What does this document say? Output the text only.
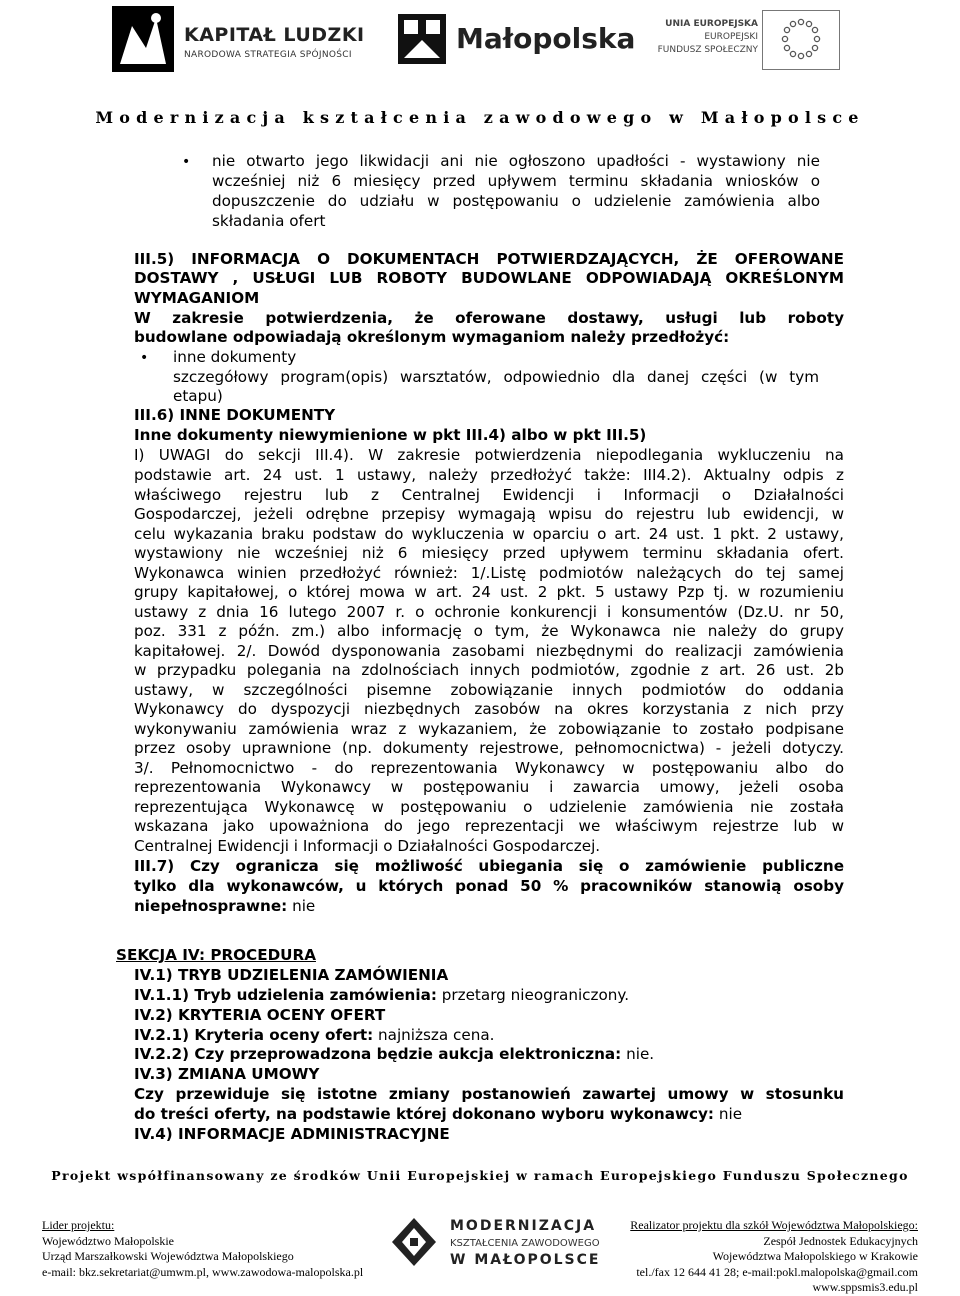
KAPITAŁ LUDZKI
NARODOWA STRATEGIA SPÓJNOŚCI	Małopolska	UNIA EUROPEJSKA
EUROPEJSKI
FUNDUSZ SPOŁECZNY
Modernizacja kształcenia zawodowego w Małopolsce
• nie otwarto jego likwidacji ani nie ogłoszono upadłości - wystawiony nie
wcześniej niż 6 miesięcy przed upływem terminu składania wniosków o
dopuszczenie do udziału w postępowaniu o udzielenie zamówienia albo
składania ofert
III.5) INFORMACJA O DOKUMENTACH POTWIERDZAJĄCYCH, ŻE OFEROWANE
DOSTAWY , USŁUGI LUB ROBOTY BUDOWLANE ODPOWIADAJĄ OKREŚLONYM
WYMAGANIOM
W zakresie potwierdzenia, że oferowane dostawy, usługi lub roboty
budowlane odpowiadają określonym wymaganiom należy przedłożyć:
• inne dokumenty
szczegółowy program(opis) warsztatów, odpowiednio dla danej części (w tym
etapu)
III.6) INNE DOKUMENTY
Inne dokumenty niewymienione w pkt III.4) albo w pkt III.5)
I) UWAGI do sekcji III.4). W zakresie potwierdzenia niepodlegania wykluczeniu na
podstawie art. 24 ust. 1 ustawy, należy przedłożyć także: III4.2). Aktualny odpis z
właściwego rejestru lub z Centralnej Ewidencji i Informacji o Działalności
Gospodarczej, jeżeli odrębne przepisy wymagają wpisu do rejestru lub ewidencji, w
celu wykazania braku podstaw do wykluczenia w oparciu o art. 24 ust. 1 pkt. 2 ustawy,
wystawiony nie wcześniej niż 6 miesięcy przed upływem terminu składania ofert.
Wykonawca winien przedłożyć również: 1/.Listę podmiotów należących do tej samej
grupy kapitałowej, o której mowa w art. 24 ust. 2 pkt. 5 ustawy Pzp tj. w rozumieniu
ustawy z dnia 16 lutego 2007 r. o ochronie konkurencji i konsumentów (Dz.U. nr 50,
poz. 331 z późn. zm.) albo informację o tym, że Wykonawca nie należy do grupy
kapitałowej. 2/. Dowód dysponowania zasobami niezbędnymi do realizacji zamówienia
w przypadku polegania na zdolnościach innych podmiotów, zgodnie z art. 26 ust. 2b
ustawy, w szczególności pisemne zobowiązanie innych podmiotów do oddania
Wykonawcy do dyspozycji niezbędnych zasobów na okres korzystania z nich przy
wykonywaniu zamówienia wraz z wykazaniem, że zobowiązanie to zostało podpisane
przez osoby uprawnione (np. dokumenty rejestrowe, pełnomocnictwa) - jeżeli dotyczy.
3/. Pełnomocnictwo - do reprezentowania Wykonawcy w postępowaniu albo do
reprezentowania Wykonawcy w postępowaniu i zawarcia umowy, jeżeli osoba
reprezentująca Wykonawcę w postępowaniu o udzielenie zamówienia nie została
wskazana jako upoważniona do jego reprezentacji we właściwym rejestrze lub w
Centralnej Ewidencji i Informacji o Działalności Gospodarczej.
III.7) Czy ogranicza się możliwość ubiegania się o zamówienie publiczne
tylko dla wykonawców, u których ponad 50 % pracowników stanowią osoby
niepełnosprawne: nie
SEKCJA IV: PROCEDURA
IV.1) TRYB UDZIELENIA ZAMÓWIENIA
IV.1.1) Tryb udzielenia zamówienia: przetarg nieograniczony.
IV.2) KRYTERIA OCENY OFERT
IV.2.1) Kryteria oceny ofert: najniższa cena.
IV.2.2) Czy przeprowadzona będzie aukcja elektroniczna: nie.
IV.3) ZMIANA UMOWY
Czy przewiduje się istotne zmiany postanowień zawartej umowy w stosunku
do treści oferty, na podstawie której dokonano wyboru wykonawcy: nie
IV.4) INFORMACJE ADMINISTRACYJNE
Projekt współfinansowany ze środków Unii Europejskiej w ramach Europejskiego Funduszu Społecznego
Lider projektu:
Województwo Małopolskie
Urząd Marszałkowski Województwa Małopolskiego
e-mail: bkz.sekretariat@umwm.pl, www.zawodowa-malopolska.pl
MODERNIZACJA
KSZTAŁCENIA ZAWODOWEGO
W MAŁOPOLSCE
Realizator projektu dla szkół Województwa Małopolskiego:
Zespół Jednostek Edukacyjnych
Województwa Małopolskiego w Krakowie
tel./fax 12 644 41 28; e-mail:pokl.malopolska@gmail.com
www.sppsmis3.edu.pl
